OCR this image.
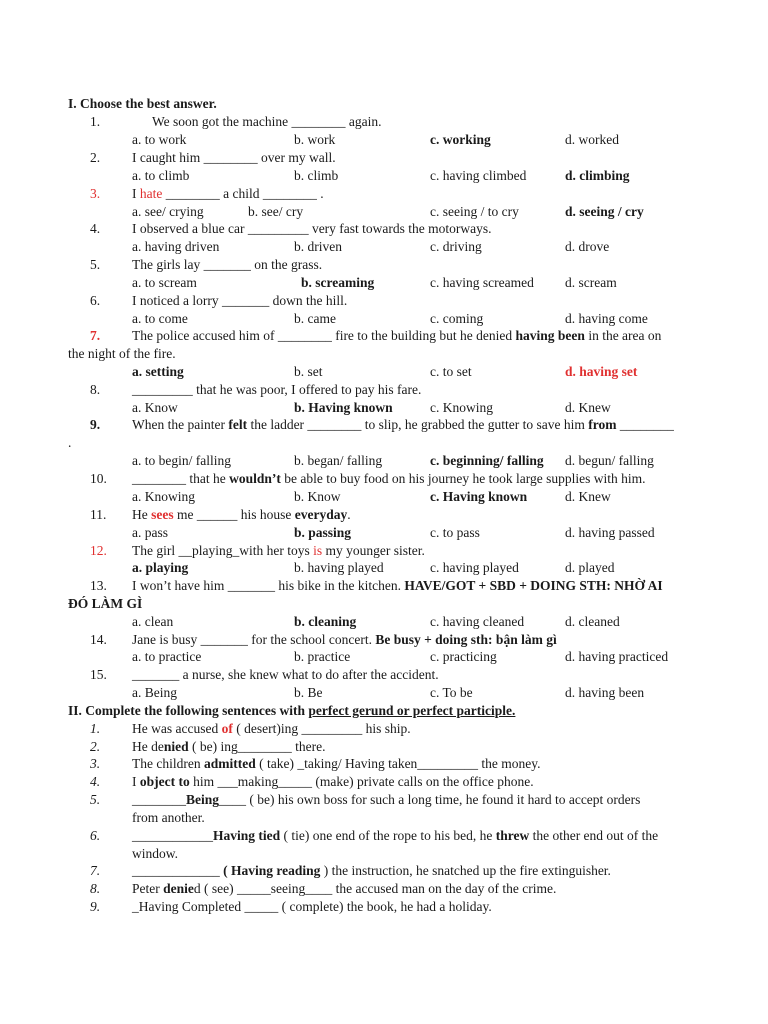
I. Choose the best answer.
1.	We soon got the machine ________ again.
a. to work	b. work	c. working	d. worked
2. I caught him ________ over my wall.
a. to climb	b. climb	c. having climbed	d. climbing
3. I hate ________ a child ________ .
a. see/ crying	b. see/ cry	c. seeing / to cry	d. seeing / cry
4. I observed a blue car _________ very fast towards the motorways.
a. having driven	b. driven	c. driving	d. drove
5. The girls lay _______ on the grass.
a. to scream	b. screaming	c. having screamed d. scream
6. I noticed a lorry _______ down the hill.
a. to come	b. came	c. coming	d. having come
7. The police accused him of ________ fire to the building but he denied having been in the area on
the night of the fire.
a. setting	b. set	c. to set	d. having set
8. _________ that he was poor, I offered to pay his fare.
a. Know	b. Having known	c. Knowing	d. Knew
9. When the painter felt the ladder ________ to slip, he grabbed the gutter to save him from ________
.
a. to begin/ falling	b. began/ falling	c. beginning/ falling d. begun/ falling
10. ________ that he wouldn’t be able to buy food on his journey he took large supplies with him.
a. Knowing	b. Know	c. Having known	d. Knew
11. He sees me ______ his house everyday.
a. pass	b. passing	c. to pass	d. having passed
12. The girl __playing_with her toys is my younger sister.
a. playing	b. having played	c. having played	d. played
13. I won’t have him _______ his bike in the kitchen. HAVE/GOT + SBD + DOING STH: NHỜ AI
ĐÓ LÀM GÌ
a. clean	b. cleaning	c. having cleaned	d. cleaned
14. Jane is busy _______ for the school concert. Be busy + doing sth: bận làm gì
a. to practice	b. practice	c. practicing	d. having practiced
15. _______ a nurse, she knew what to do after the accident.
a. Being	b. Be	c. To be	d. having been
II. Complete the following sentences with perfect gerund or perfect participle.
1. He was accused of ( desert)ing _________ his ship.
2. He denied ( be) ing________ there.
3. The children admitted ( take) _taking/ Having taken_________ the money.
4. I object to him ___making_____ (make) private calls on the office phone.
5. ________Being____ ( be) his own boss for such a long time, he found it hard to accept orders
from another.
6. ____________Having tied ( tie) one end of the rope to his bed, he threw the other end out of the
window.
7. _____________ ( Having reading ) the instruction, he snatched up the fire extinguisher.
8. Peter denied ( see) _____seeing____ the accused man on the day of the crime.
9. _Having Completed _____ ( complete) the book, he had a holiday.
